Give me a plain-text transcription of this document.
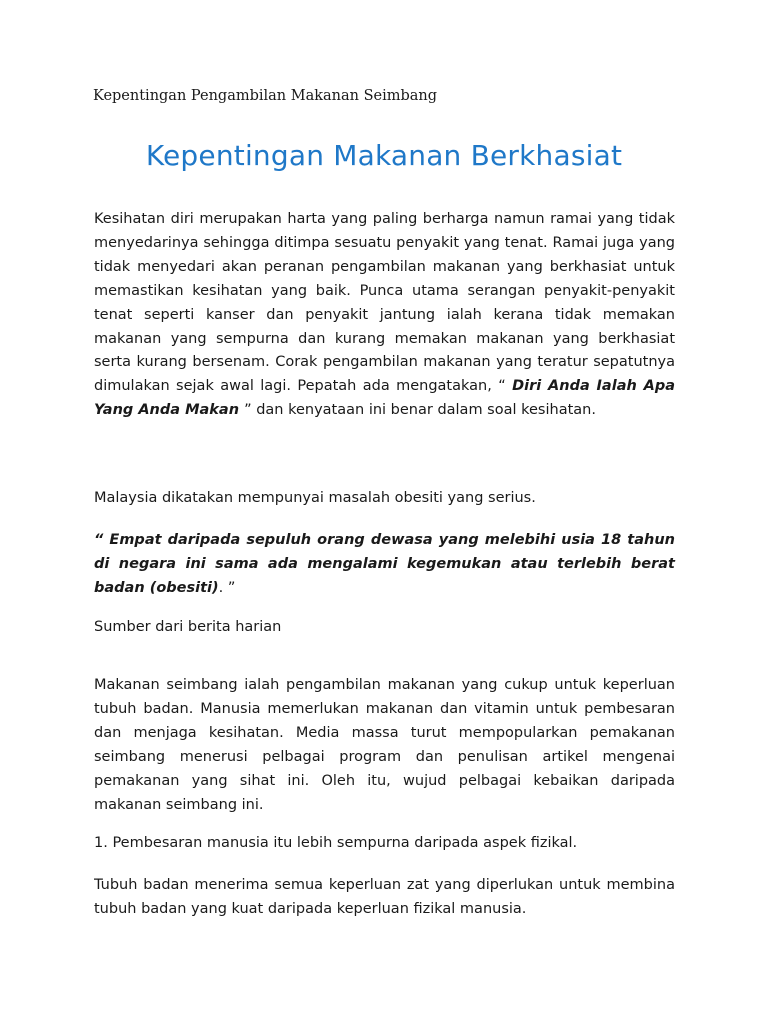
Kepentingan Pengambilan Makanan Seimbang
Kepentingan Makanan Berkhasiat
Kesihatan diri merupakan harta yang paling berharga namun ramai yang tidak menyedarinya sehingga ditimpa sesuatu penyakit yang tenat. Ramai juga yang tidak menyedari akan peranan pengambilan makanan yang berkhasiat untuk memastikan kesihatan yang baik. Punca utama serangan penyakit-penyakit tenat seperti kanser dan penyakit jantung ialah kerana tidak memakan makanan yang sempurna dan kurang memakan makanan yang berkhasiat serta kurang bersenam. Corak pengambilan makanan yang teratur sepatutnya dimulakan sejak awal lagi. Pepatah ada mengatakan, “ Diri Anda Ialah Apa Yang Anda Makan ” dan kenyataan ini benar dalam soal kesihatan.
Malaysia dikatakan mempunyai masalah obesiti yang serius.
“ Empat daripada sepuluh orang dewasa yang melebihi usia 18 tahun di negara ini sama ada mengalami kegemukan atau terlebih berat badan (obesiti). ”
Sumber dari berita harian
Makanan seimbang ialah pengambilan makanan yang cukup untuk keperluan tubuh badan. Manusia memerlukan makanan dan vitamin untuk pembesaran dan menjaga kesihatan. Media massa turut mempopularkan pemakanan seimbang menerusi pelbagai program dan penulisan artikel mengenai pemakanan yang sihat ini. Oleh itu, wujud pelbagai kebaikan daripada makanan seimbang ini.
1. Pembesaran manusia itu lebih sempurna daripada aspek fizikal.
Tubuh badan menerima semua keperluan zat yang diperlukan untuk membina tubuh badan yang kuat daripada keperluan fizikal manusia.
